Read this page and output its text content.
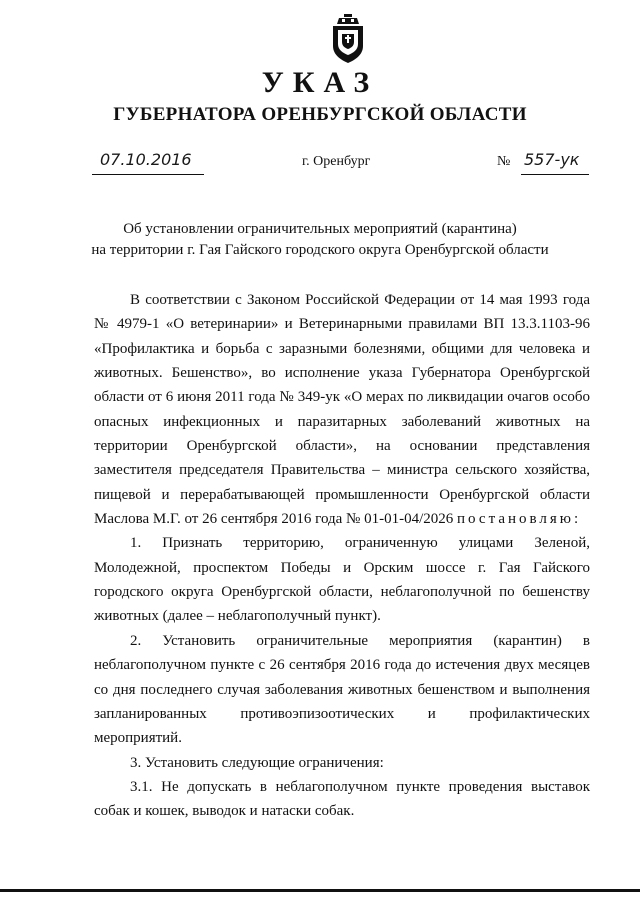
УКАЗ
ГУБЕРНАТОРА ОРЕНБУРГСКОЙ ОБЛАСТИ
07.10.2016	г. Оренбург	№ 557-ук
Об установлении ограничительных мероприятий (карантина)
на территории г. Гая Гайского городского округа Оренбургской области

В соответствии с Законом Российской Федерации от 14 мая 1993 года № 4979-1 «О ветеринарии» и Ветеринарными правилами ВП 13.3.1103-96 «Профилактика и борьба с заразными болезнями, общими для человека и животных. Бешенство», во исполнение указа Губернатора Оренбургской области от 6 июня 2011 года № 349-ук «О мерах по ликвидации очагов особо опасных инфекционных и паразитарных заболеваний животных на территории Оренбургской области», на основании представления заместителя председателя Правительства – министра сельского хозяйства, пищевой и перерабатывающей промышленности Оренбургской области Маслова М.Г. от 26 сентября 2016 года № 01-01-04/2026 постановляю:

1. Признать территорию, ограниченную улицами Зеленой, Молодежной, проспектом Победы и Орским шоссе г. Гая Гайского городского округа Оренбургской области, неблагополучной по бешенству животных (далее – неблагополучный пункт).

2. Установить ограничительные мероприятия (карантин) в неблагополучном пункте с 26 сентября 2016 года до истечения двух месяцев со дня последнего случая заболевания животных бешенством и выполнения запланированных противоэпизоотических и профилактических мероприятий.

3. Установить следующие ограничения:

3.1. Не допускать в неблагополучном пункте проведения выставок собак и кошек, выводок и натаски собак.
